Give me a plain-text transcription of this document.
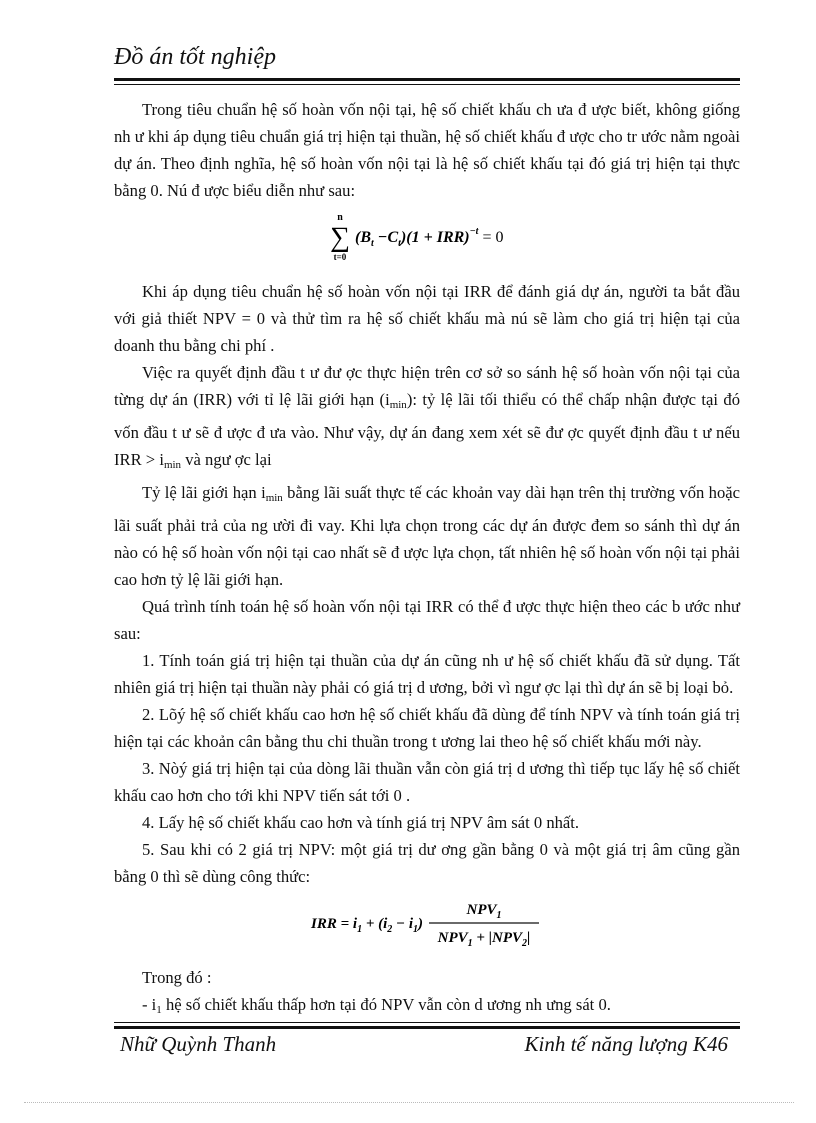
Đồ án tốt nghiệp

Trong tiêu chuẩn hệ số hoàn vốn nội tại, hệ số chiết khấu ch ưa đ ược biết, không giống nh ư khi áp dụng tiêu chuẩn giá trị hiện tại thuần, hệ số chiết khấu đ ược cho tr ước nằm ngoài dự án. Theo định nghĩa, hệ số hoàn vốn nội tại là hệ số chiết khấu tại đó giá trị hiện tại thực bằng 0. Nú đ ược biểu diễn như sau:

n
∑
t=0
$(B_t -C_t)(1 + IRR)^{-t} = 0$

Khi áp dụng tiêu chuẩn hệ số hoàn vốn nội tại IRR để đánh giá dự án, người ta bắt đầu với giả thiết NPV = 0 và thử tìm ra hệ số chiết khấu mà nú sẽ làm cho giá trị hiện tại của doanh thu bằng chi phí .

Việc ra quyết định đầu t ư đư ợc thực hiện trên cơ sở so sánh hệ số hoàn vốn nội tại của từng dự án (IRR) với tỉ lệ lãi giới hạn $(i_{min})$: tỷ lệ lãi tối thiểu có thể chấp nhận được tại đó vốn đầu t ư sẽ đ ược đ ưa vào. Như vậy, dự án đang xem xét sẽ đư ợc quyết định đầu t ư nếu IRR > $i_{min}$ và ngư ợc lại

Tỷ lệ lãi giới hạn $i_{min}$ bằng lãi suất thực tế các khoản vay dài hạn trên thị trường vốn hoặc lãi suất phải trả của ng ười đi vay. Khi lựa chọn trong các dự án được đem so sánh thì dự án nào có hệ số hoàn vốn nội tại cao nhất sẽ đ ược lựa chọn, tất nhiên hệ số hoàn vốn nội tại phải cao hơn tỷ lệ lãi giới hạn.

Quá trình tính toán hệ số hoàn vốn nội tại IRR có thể đ ược thực hiện theo các b ước như sau:

1. Tính toán giá trị hiện tại thuần của dự án cũng nh ư hệ số chiết khấu đã sử dụng. Tất nhiên giá trị hiện tại thuần này phải có giá trị d ương, bởi vì ngư ợc lại thì dự án sẽ bị loại bỏ.

2. Lõý hệ số chiết khấu cao hơn hệ số chiết khấu đã dùng để tính NPV và tính toán giá trị hiện tại các khoản cân bằng thu chi thuần trong t ương lai theo hệ số chiết khấu mới này.

3. Nòý giá trị hiện tại của dòng lãi thuần vẫn còn giá trị d ương thì tiếp tục lấy hệ số chiết khấu cao hơn cho tới khi NPV tiến sát tới 0 .

4. Lấy hệ số chiết khấu cao hơn và tính giá trị NPV âm sát 0 nhất.

5. Sau khi có 2 giá trị NPV: một giá trị dư ơng gần bằng 0 và một giá trị âm cũng gần bằng 0 thì sẽ dùng công thức:

IRR = $i_1 + (i_2 - i_1)$
$NPV_1$
$NPV_1 + |NPV_2|$

Trong đó :

- $i_1$ hệ số chiết khấu thấp hơn tại đó NPV vẫn còn d ương nh ưng sát 0.

Nhữ Quỳnh Thanh	Kinh tế năng lượng K46
